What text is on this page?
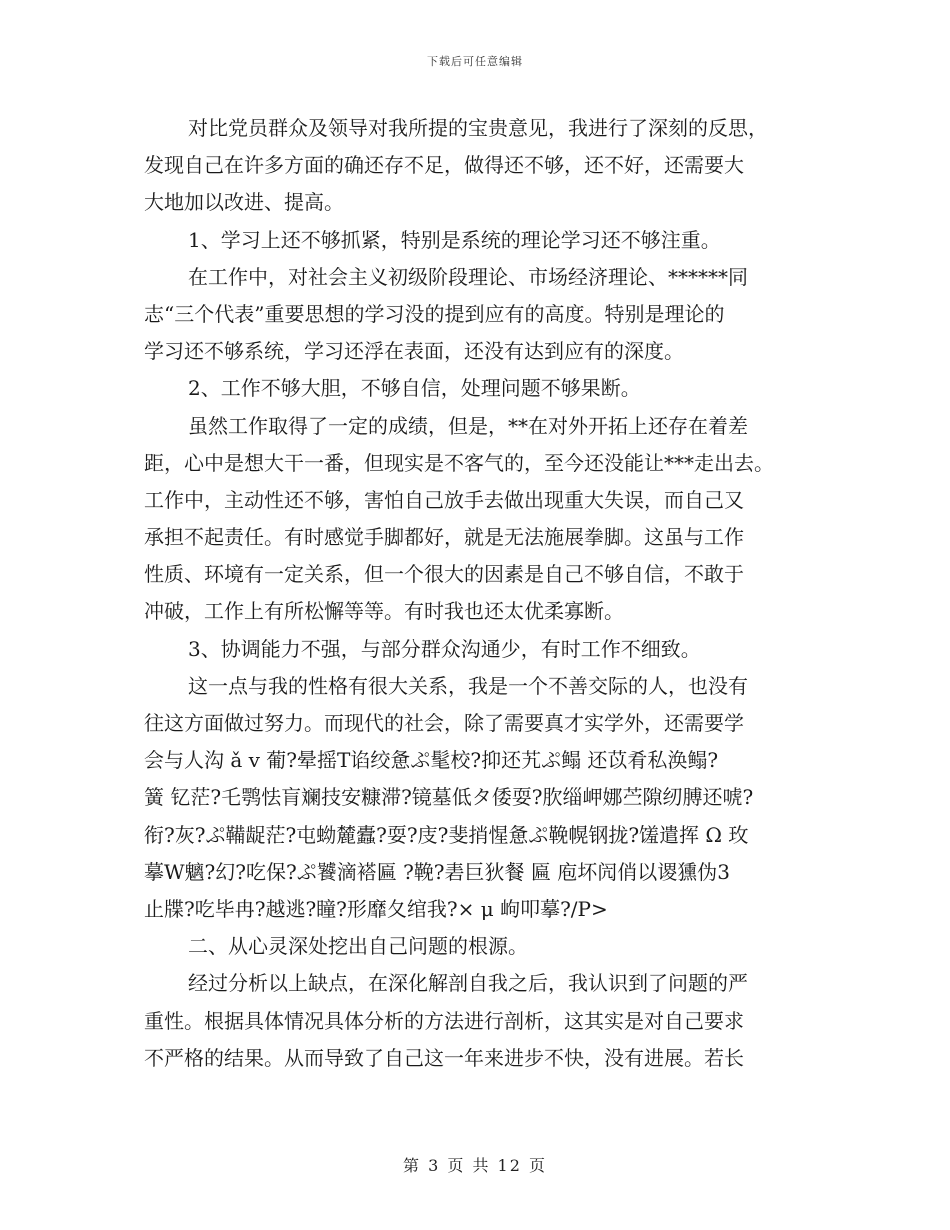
下载后可任意编辑
对比党员群众及领导对我所提的宝贵意见，我进行了深刻的反思，
发现自己在许多方面的确还存不足，做得还不够，还不好，还需要大
大地加以改进、提高。
1、学习上还不够抓紧，特别是系统的理论学习还不够注重。
在工作中，对社会主义初级阶段理论、市场经济理论、******同
志“三个代表”重要思想的学习没的提到应有的高度。特别是理论的
学习还不够系统，学习还浮在表面，还没有达到应有的深度。
2、工作不够大胆，不够自信，处理问题不够果断。
虽然工作取得了一定的成绩，但是，**在对外开拓上还存在着差
距，心中是想大干一番，但现实是不客气的，至今还没能让***走出去。
工作中，主动性还不够，害怕自己放手去做出现重大失误，而自己又
承担不起责任。有时感觉手脚都好，就是无法施展拳脚。这虽与工作
性质、环境有一定关系，但一个很大的因素是自己不够自信，不敢于
冲破，工作上有所松懈等等。有时我也还太优柔寡断。
3、协调能力不强，与部分群众沟通少，有时工作不细致。
这一点与我的性格有很大关系，我是一个不善交际的人，也没有
往这方面做过努力。而现代的社会，除了需要真才实学外，还需要学
会与人沟 ǎ v 葡?晕摇T谄绞惫ぷ髦校?抑还艽ぷ鳎 还苡肴私涣鳎?
簧 钇茫?乇鹗怯肓斓技安糠滞?镜墓低タ倭耍?肷缁岬娜苎隙纫膊还唬?
衔?灰?ぷ鞴龊茫?屯蚴麓蠹?耍?庋?斐捎惺惫ぷ鞔幌钢拢?馐遣挥 Ω 玫
摹W魑?幻?吃保?ぷ饕滴褡匾 ?鞔?砉巨狄餐 匾 庖坏闶俏以谡獯伪3
止牒?吃毕冉?越逃?瞳?形靡夂绾我?× μ 岣叩摹?/P>
二、从心灵深处挖出自己问题的根源。
经过分析以上缺点，在深化解剖自我之后，我认识到了问题的严
重性。根据具体情况具体分析的方法进行剖析，这其实是对自己要求
不严格的结果。从而导致了自己这一年来进步不快，没有进展。若长
第 3 页 共 12 页
